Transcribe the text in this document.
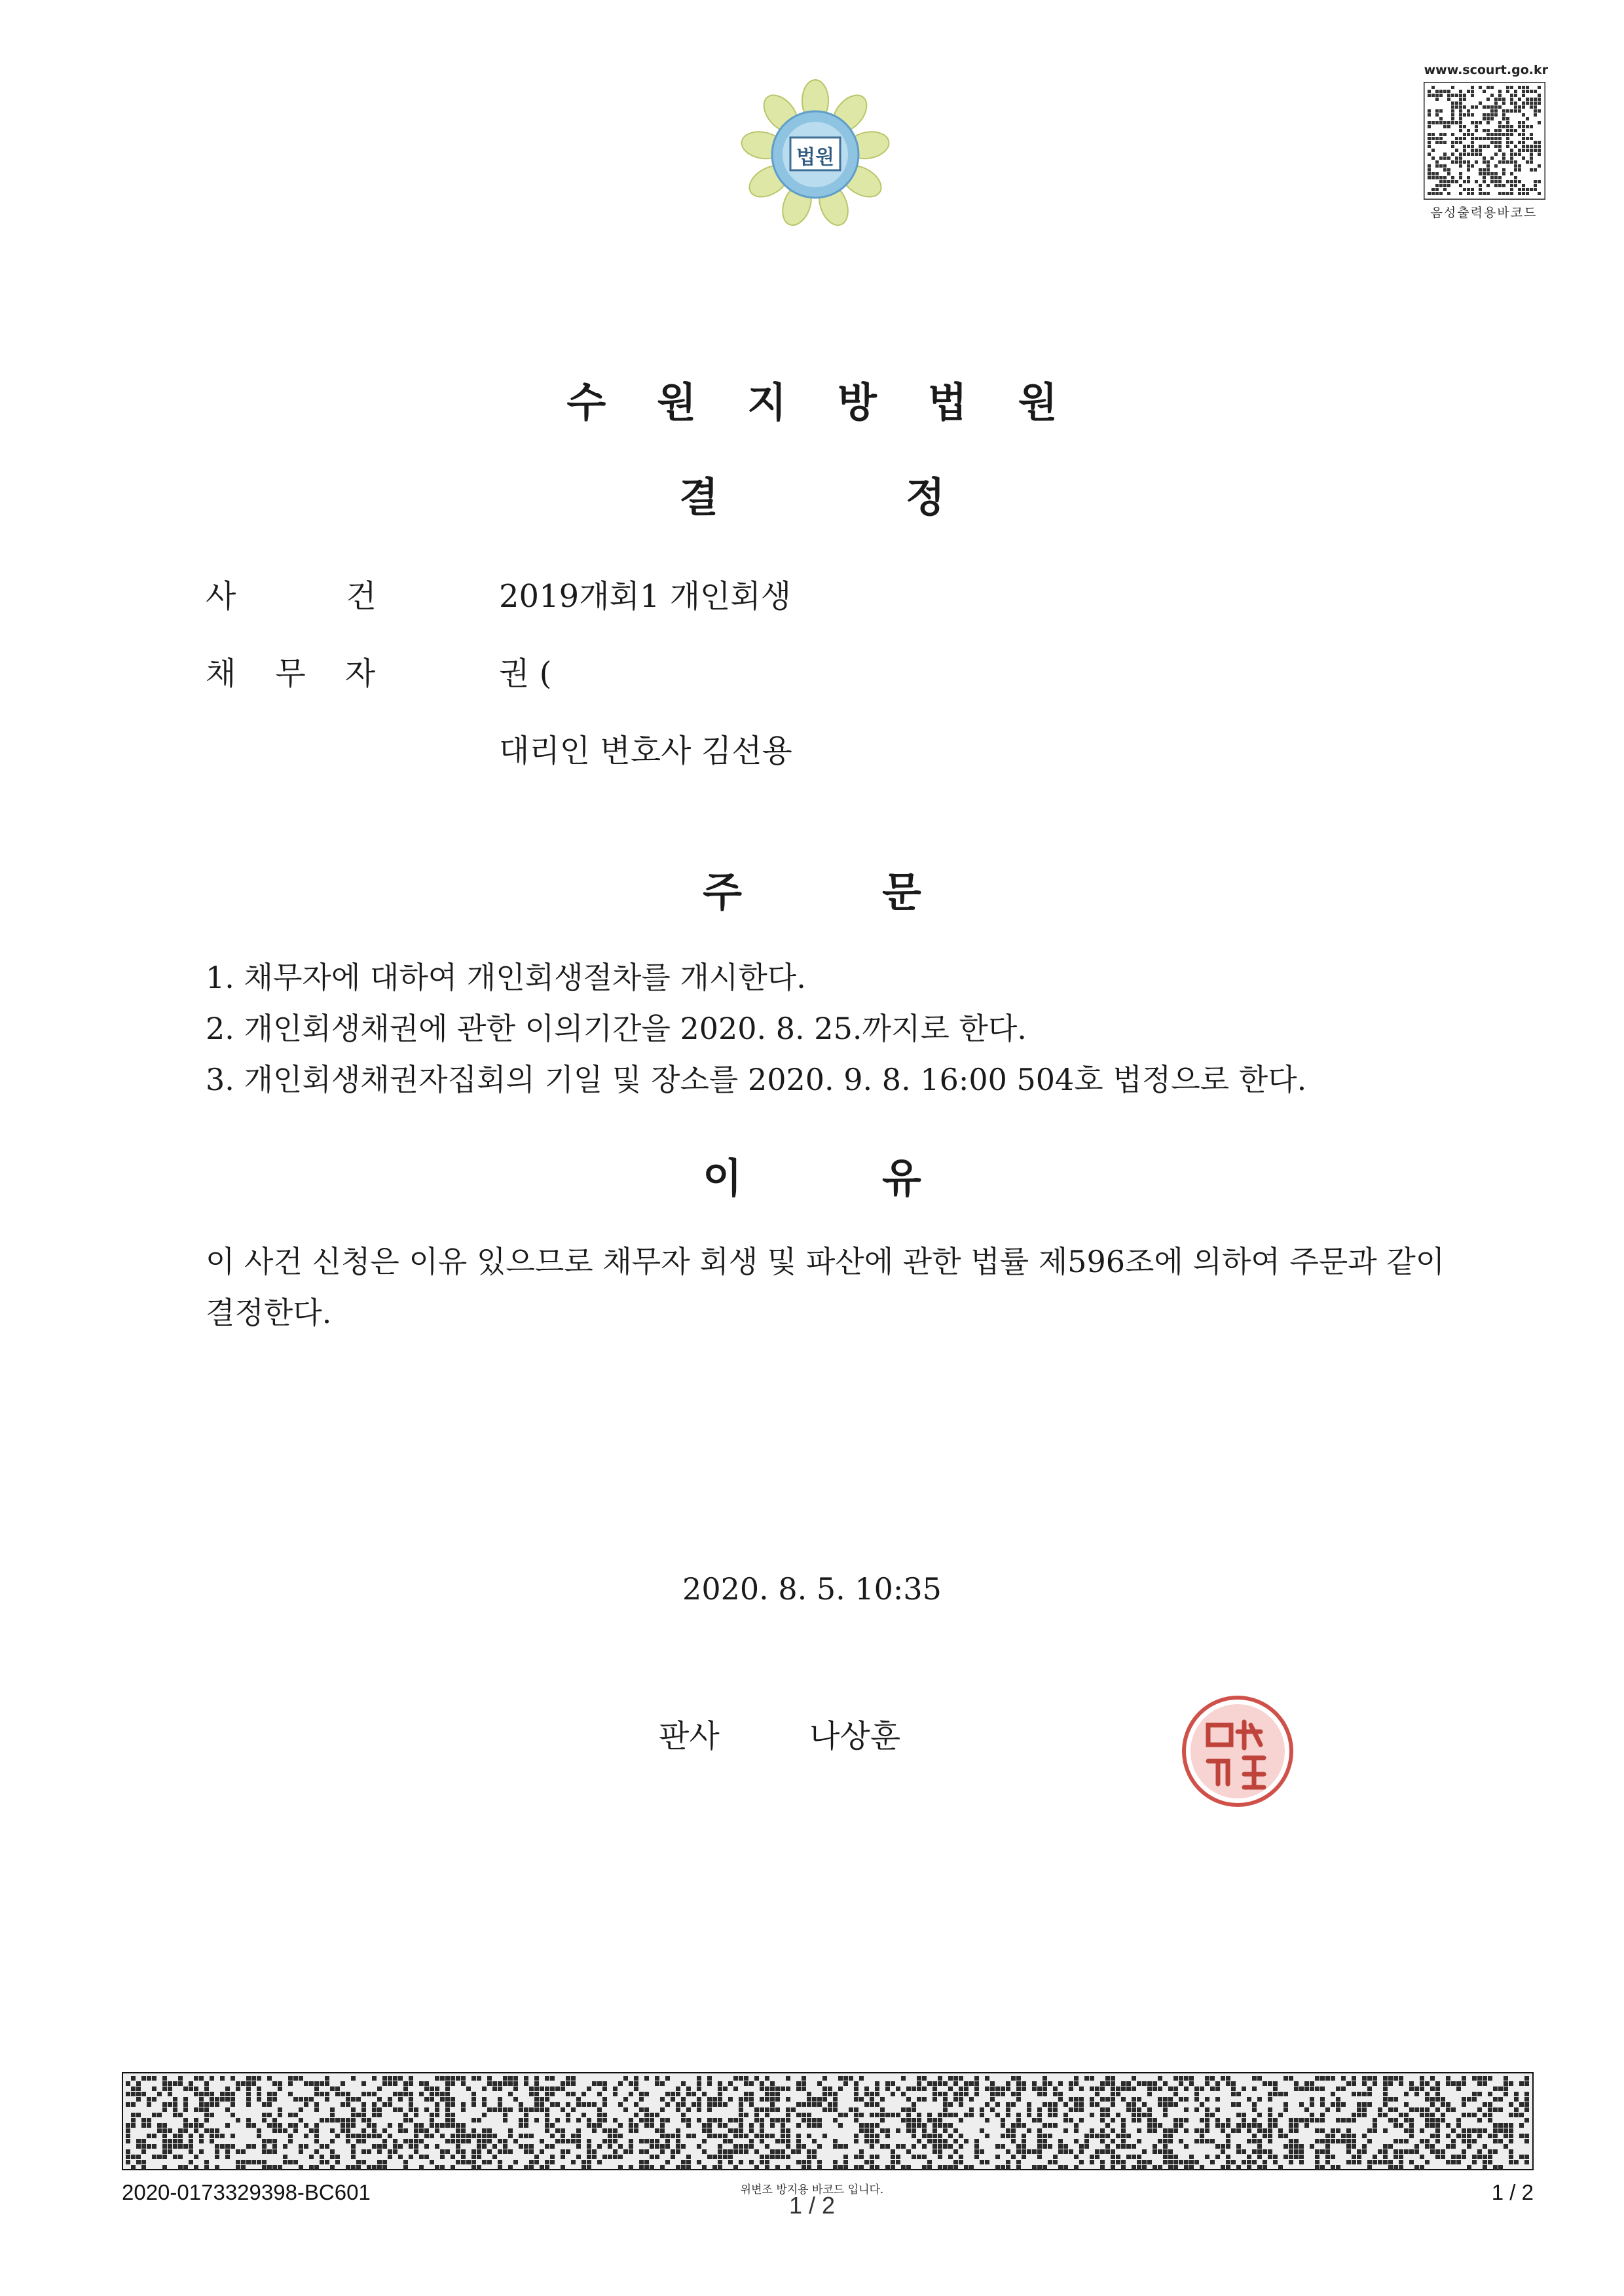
법원
www.scourt.go.kr
음성출력용바코드
수원지방법원
결정
사건 2019개회1 개인회생
채무자	권 (
대리인 변호사 김선용
주문
1. 채무자에 대하여 개인회생절차를 개시한다.
2. 개인회생채권에 관한 이의기간을 2020. 8. 25.까지로 한다.
3. 개인회생채권자집회의 기일 및 장소를 2020. 9. 8. 16:00 504호 법정으로 한다.
이유
이 사건 신청은 이유 있으므로 채무자 회생 및 파산에 관한 법률 제596조에 의하여 주문과 같이 결정한다.
2020. 8. 5. 10:35
판사	나상훈
2020-0173329398-BC601	위변조 방지용 바코드 입니다.
1 / 2	1 / 2
